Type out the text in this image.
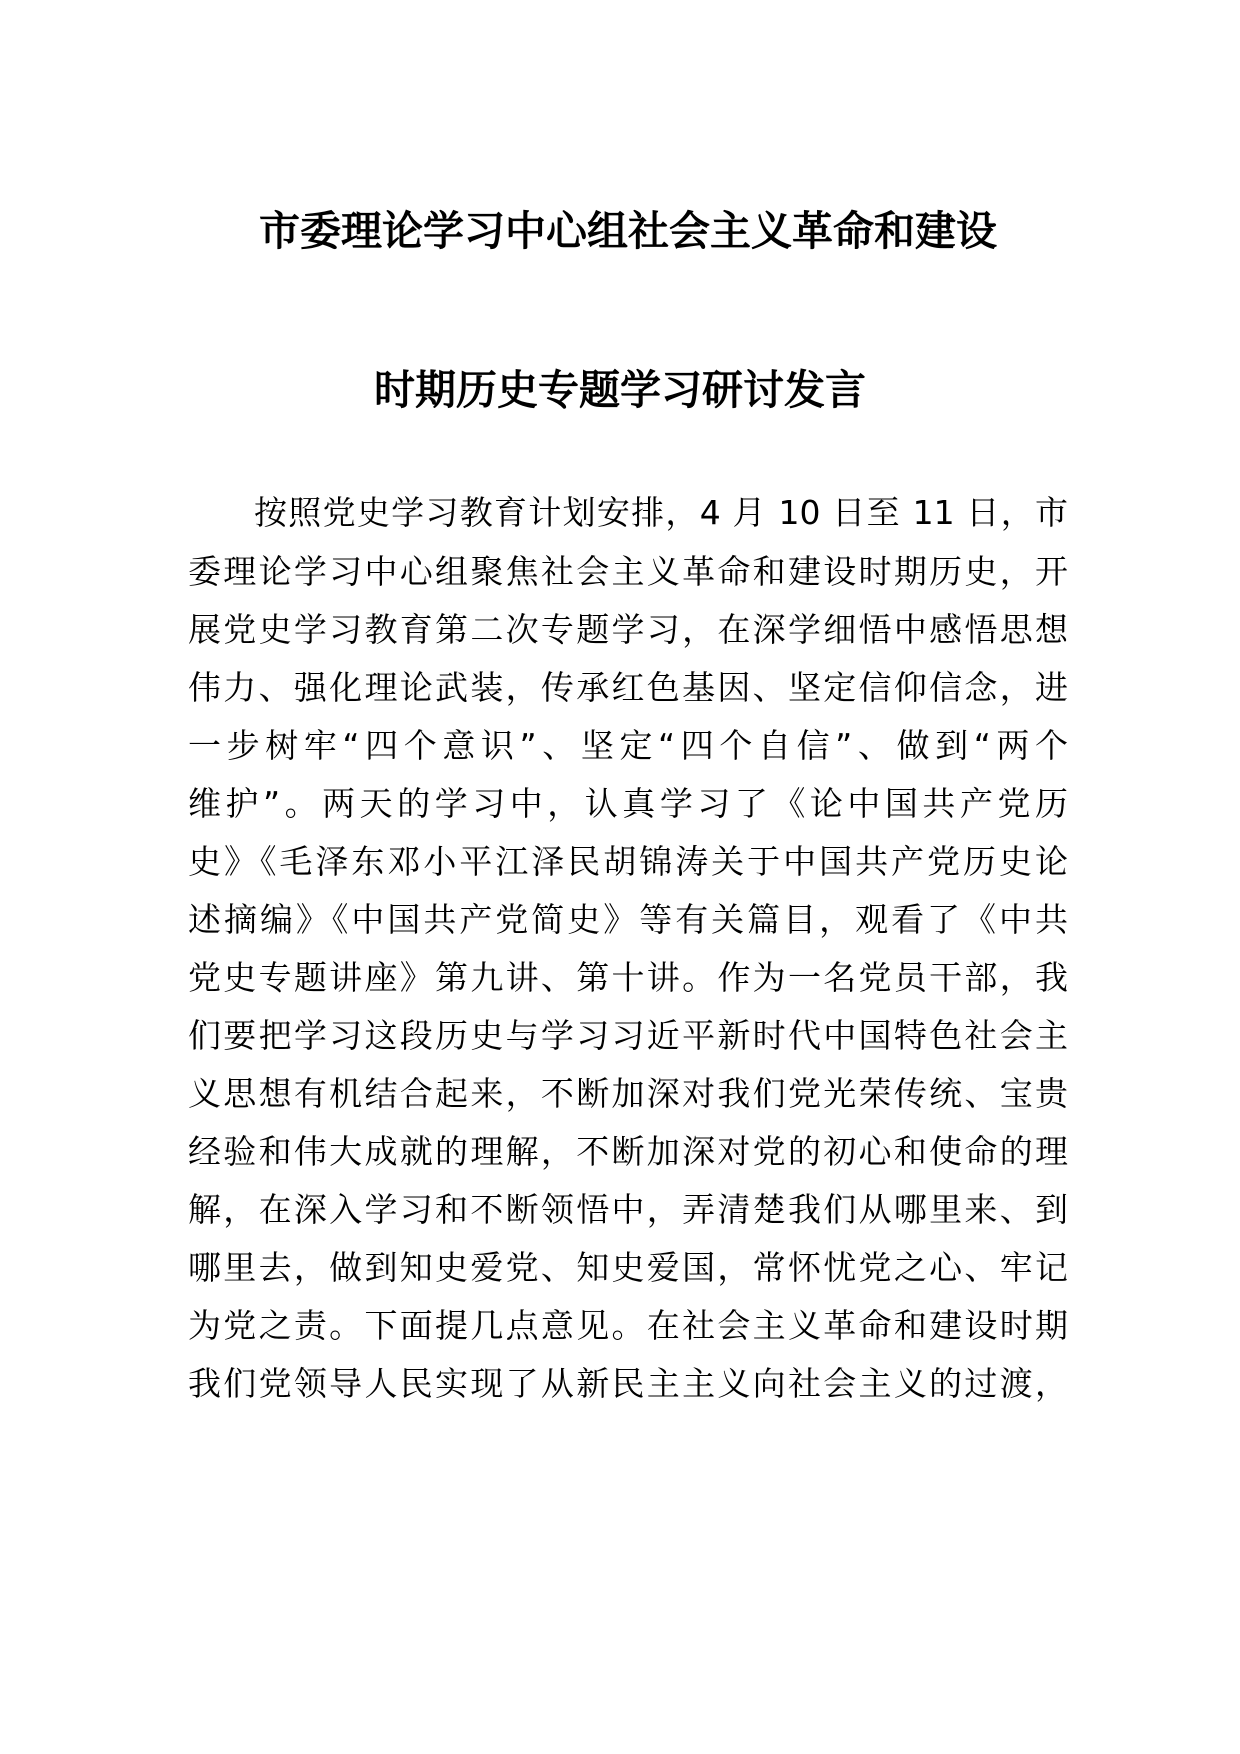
市委理论学习中心组社会主义革命和建设
时期历史专题学习研讨发言
按照党史学习教育计划安排，4 月 10 日至 11 日，市
委理论学习中心组聚焦社会主义革命和建设时期历史，开
展党史学习教育第二次专题学习，在深学细悟中感悟思想
伟力、强化理论武装，传承红色基因、坚定信仰信念，进
一步树牢“四个意识”、坚定“四个自信”、做到“两个
维护”。两天的学习中，认真学习了《论中国共产党历
史》《毛泽东邓小平江泽民胡锦涛关于中国共产党历史论
述摘编》《中国共产党简史》等有关篇目，观看了《中共
党史专题讲座》第九讲、第十讲。作为一名党员干部，我
们要把学习这段历史与学习习近平新时代中国特色社会主
义思想有机结合起来，不断加深对我们党光荣传统、宝贵
经验和伟大成就的理解，不断加深对党的初心和使命的理
解，在深入学习和不断领悟中，弄清楚我们从哪里来、到
哪里去，做到知史爱党、知史爱国，常怀忧党之心、牢记
为党之责。下面提几点意见。在社会主义革命和建设时期
我们党领导人民实现了从新民主主义向社会主义的过渡，
